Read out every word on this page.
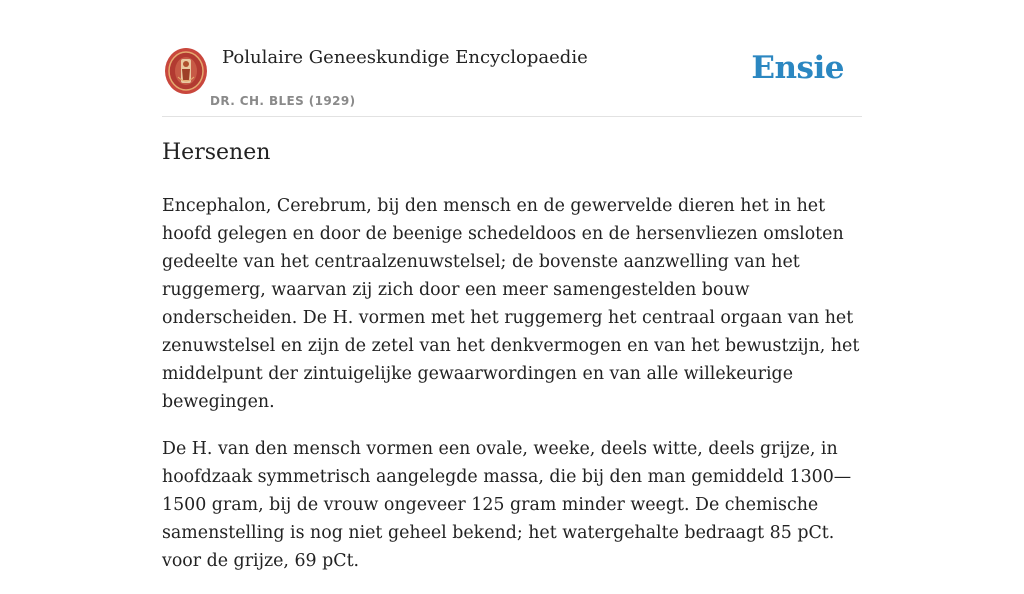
Polulaire Geneeskundige Encyclopaedie
DR. CH. BLES (1929)
Ensie
Hersenen

Encephalon, Cerebrum, bij den mensch en de gewervelde dieren het in het hoofd gelegen en door de beenige schedeldoos en de hersenvliezen omsloten gedeelte van het centraalzenuwstelsel; de bovenste aanzwelling van het ruggemerg, waarvan zij zich door een meer samengestelden bouw onderscheiden. De H. vormen met het ruggemerg het centraal orgaan van het zenuwstelsel en zijn de zetel van het denkvermogen en van het bewustzijn, het middelpunt der zintuigelijke gewaarwordingen en van alle willekeurige bewegingen.

De H. van den mensch vormen een ovale, weeke, deels witte, deels grijze, in hoofdzaak symmetrisch aangelegde massa, die bij den man gemiddeld 1300—1500 gram, bij de vrouw ongeveer 125 gram minder weegt. De chemische samenstelling is nog niet geheel bekend; het watergehalte bedraagt 85 pCt. voor de grijze, 69 pCt.
